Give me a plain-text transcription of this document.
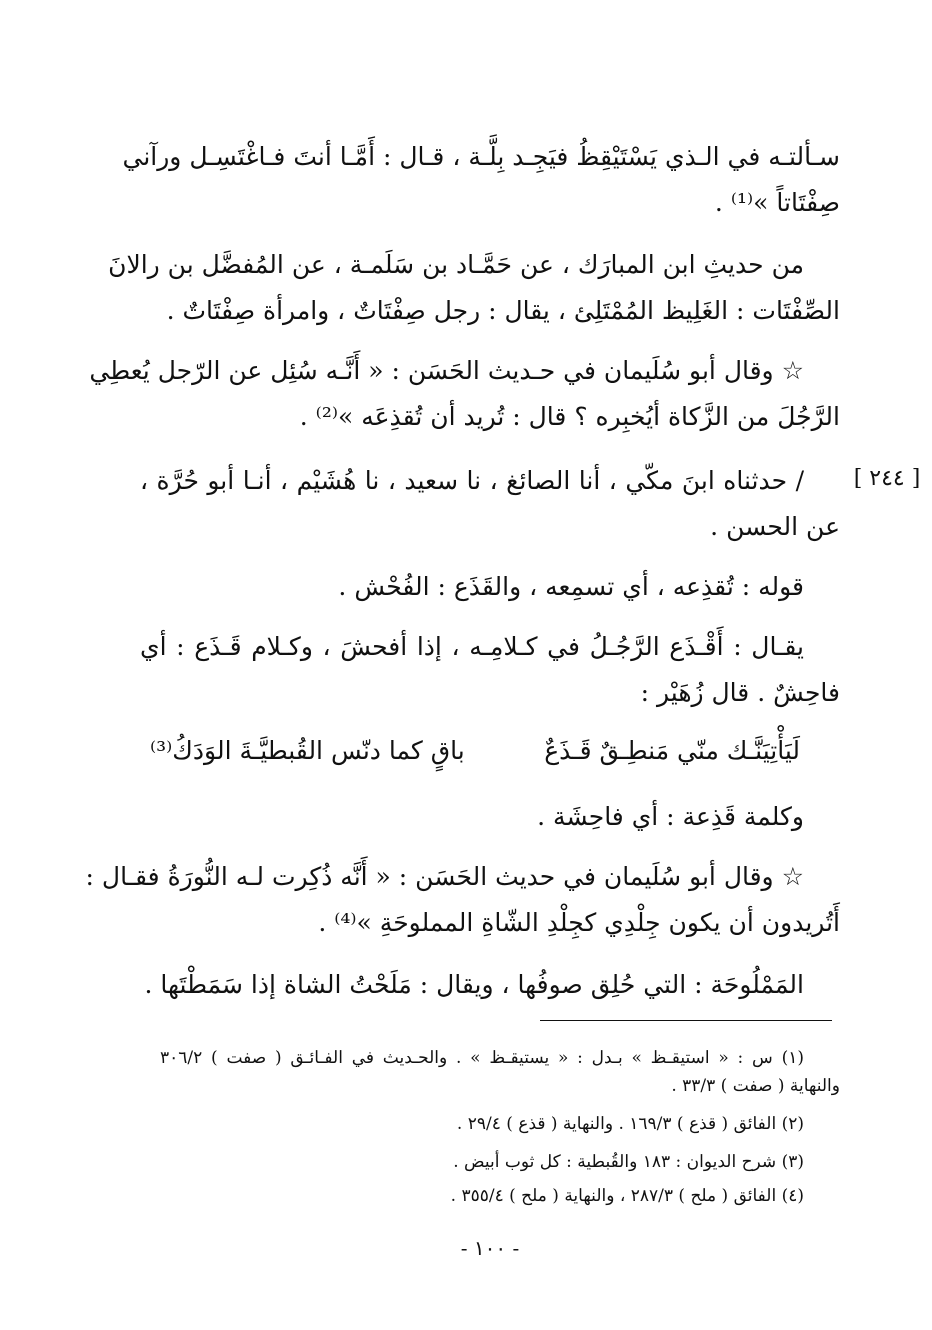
سـألتـه في الـذي يَسْتَيْقِظُ فيَجِـد بِلَّـة ، قـال : أَمَّـا أنتَ فـاغْتَسِـل ورآني
صِفْتَاتاً »⁽¹⁾ .
من حديثِ ابن المبارَك ، عن حَمَّـاد بن سَلَمـة ، عن المُفضَّل بن رالانَ
الصِّفْتَات : الغَلِيظ المُمْتَلِئ ، يقال : رجل صِفْتَاتٌ ، وامرأة صِفْتَاتٌ .
☆ وقال أبو سُلَيمان في حـديث الحَسَن : « أَنَّـه سُئِل عن الرّجل يُعطِي
الرَّجُلَ من الزَّكاة أيُخبِره ؟ قال : تُريد أن تُقذِعَه »⁽²⁾ .
[ ٢٤٤ ]
/ حدثناه ابنَ مكّي ، أنا الصائغ ، نا سعيد ، نا هُشَيْم ، أنـا أبو حُرَّة ،
عن الحسن .
قوله : تُقذِعه ، أي تسمِعه ، والقَذَع : الفُحْش .
يقـال : أَقْـذَع الرَّجُـلُ في كـلامِـه ، إذا أفحشَ ، وكـلام قَـذَع : أي
فاحِشٌ . قال زُهَيْر :
لَيَأْتِيَنَّـك منّي مَنطِـقٌ قَـذَعٌ
باقٍ كما دنّس القُبطيَّـةَ الوَدَكُ⁽³⁾
وكلمة قَذِعة : أي فاحِشَة .
☆ وقال أبو سُلَيمان في حديث الحَسَن : « أَنَّه ذُكِرت لـه النُّورَةُ فقـال :
أَتُريدون أن يكون جِلْدِي كجِلْدِ الشّاةِ المملوحَةِ »⁽⁴⁾ .
المَمْلُوحَة : التي حُلِق صوفُها ، ويقال : مَلَحْتُ الشاة إذا سَمَطْتَها .
(١) س : « استيقـظ » بـدل : « يستيقـظ » . والحـديث في الفـائـق ( صفت ) ٣٠٦/٢
والنهاية ( صفت ) ٣٣/٣ .
(٢) الفائق ( قذع ) ١٦٩/٣ . والنهاية ( قذع ) ٢٩/٤ .
(٣) شرح الديوان : ١٨٣ والقُبطية : كل ثوب أبيض .
(٤) الفائق ( ملح ) ٢٨٧/٣ ، والنهاية ( ملح ) ٣٥٥/٤ .
- ١٠٠ -
